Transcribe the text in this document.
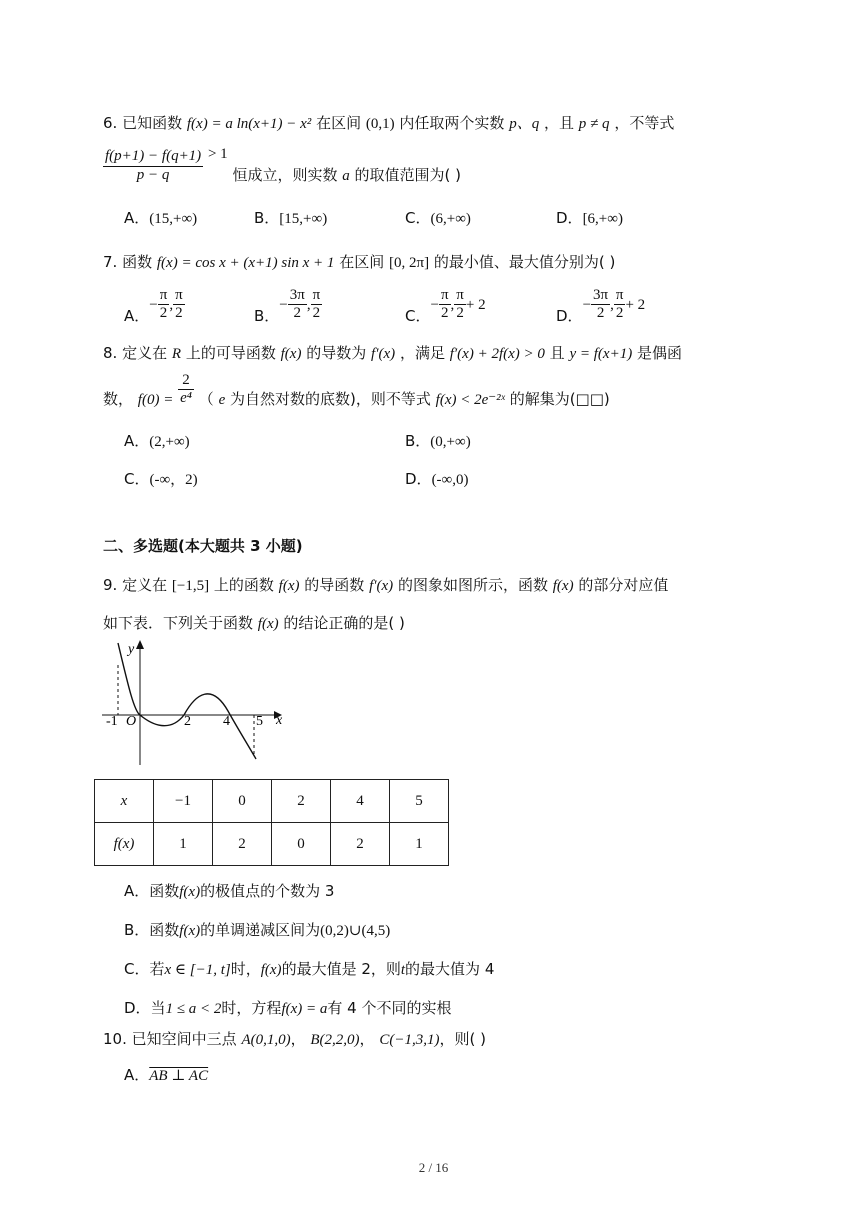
6. 已知函数 f(x) = a ln(x+1) − x² 在区间 (0,1) 内任取两个实数 p、q ，且 p ≠ q ，不等式
$\frac{f(p+1) - f(q+1)}{p - q} > 1$ 恒成立，则实数 a 的取值范围为( )
A．(15,+∞)	B．[15,+∞)	C．(6,+∞)	D．[6,+∞)
7. 函数 f(x) = cos x + (x+1) sin x + 1 在区间 [0, 2π] 的最小值、最大值分别为( )
A．− $\frac{\pi}{2}$ , $\frac{\pi}{2}$	B．− $\frac{3\pi}{2}$ , $\frac{\pi}{2}$	C．− $\frac{\pi}{2}$ , $\frac{\pi}{2} + 2$
D．− $\frac{3\pi}{2}$ , $\frac{\pi}{2} + 2$
8. 定义在 R 上的可导函数 f(x) 的导数为 f′(x) ，满足 f′(x) + 2f(x) > 0 且 y = f(x+1) 是偶函
数， $f(0) = \frac{2}{\text{e⁴}}$ （ e 为自然对数的底数)，则不等式 f(x) < 2e⁻²ˣ 的解集为(□□)
A．(2,+∞)	B．(0,+∞)
C．(-∞，2)	D．(-∞,0)
二、多选题(本大题共 3 小题)
9. 定义在 [−1,5] 上的函数 f(x) 的导函数 f′(x) 的图象如图所示，函数 f(x) 的部分对应值
如下表．下列关于函数 f(x) 的结论正确的是( )
y
x
O
-1	2 4 5
x	−1	0	2	4	5
f(x)	1	2	0	2	1
A．函数f(x)的极值点的个数为 3
B．函数f(x)的单调递减区间为(0,2)∪(4,5)
C．若x ∈ [−1, t]时，f(x)的最大值是 2，则t的最大值为 4
D．当1 ≤ a < 2时，方程f(x) = a有 4 个不同的实根
10. 已知空间中三点 A(0,1,0)， B(2,2,0)， C(−1,3,1)，则( )
A．AB ⊥ AC
2 / 16
